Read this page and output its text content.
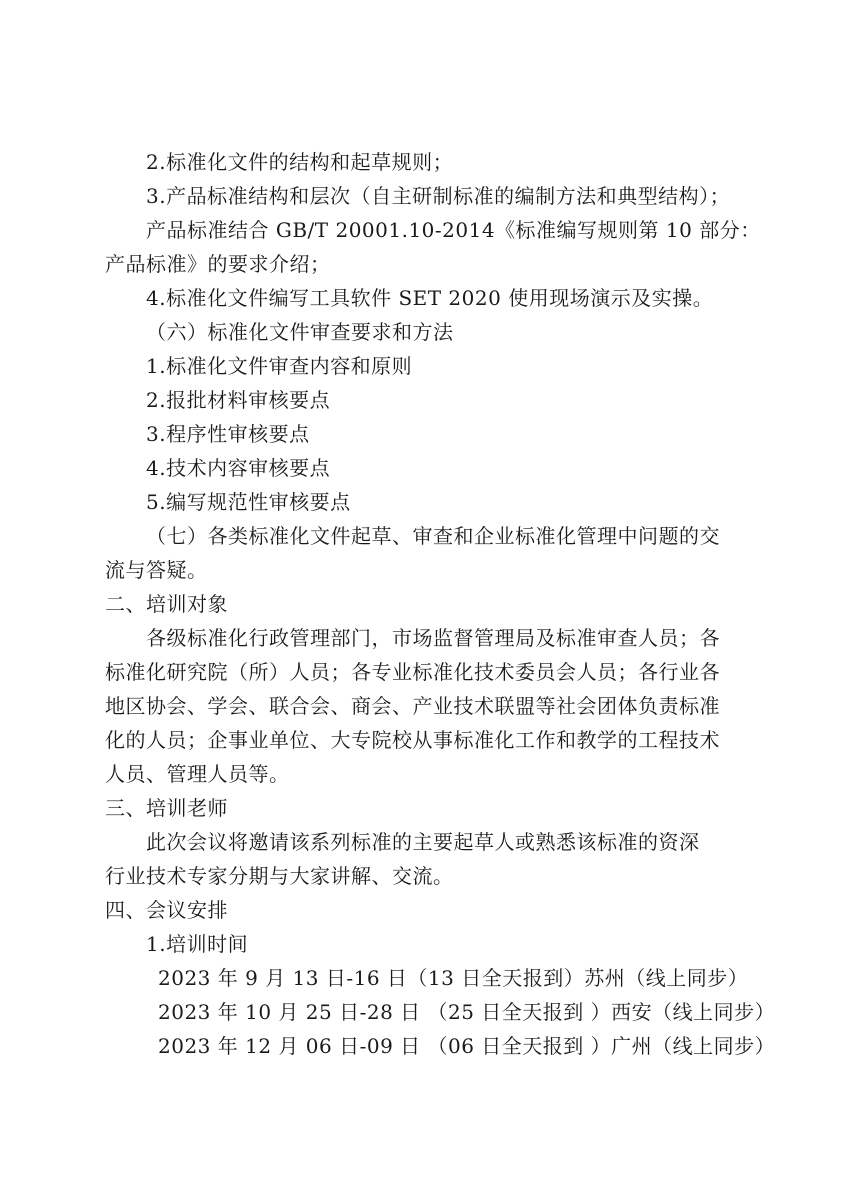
2.标准化文件的结构和起草规则；
3.产品标准结构和层次（自主研制标准的编制方法和典型结构）；
产品标准结合 GB/T 20001.10-2014《标准编写规则第 10 部分：
产品标准》的要求介绍；
4.标准化文件编写工具软件 SET 2020 使用现场演示及实操。
（六）标准化文件审查要求和方法
1.标准化文件审查内容和原则
2.报批材料审核要点
3.程序性审核要点
4.技术内容审核要点
5.编写规范性审核要点
（七）各类标准化文件起草、审查和企业标准化管理中问题的交
流与答疑。
二、培训对象
各级标准化行政管理部门，市场监督管理局及标准审查人员；各
标准化研究院（所）人员；各专业标准化技术委员会人员；各行业各
地区协会、学会、联合会、商会、产业技术联盟等社会团体负责标准
化的人员；企事业单位、大专院校从事标准化工作和教学的工程技术
人员、管理人员等。
三、培训老师
此次会议将邀请该系列标准的主要起草人或熟悉该标准的资深
行业技术专家分期与大家讲解、交流。
四、会议安排
1.培训时间
2023 年 9 月 13 日-16 日（13 日全天报到）苏州（线上同步）
2023 年 10 月 25 日-28 日 （25 日全天报到 ）西安（线上同步）
2023 年 12 月 06 日-09 日 （06 日全天报到 ）广州（线上同步）
